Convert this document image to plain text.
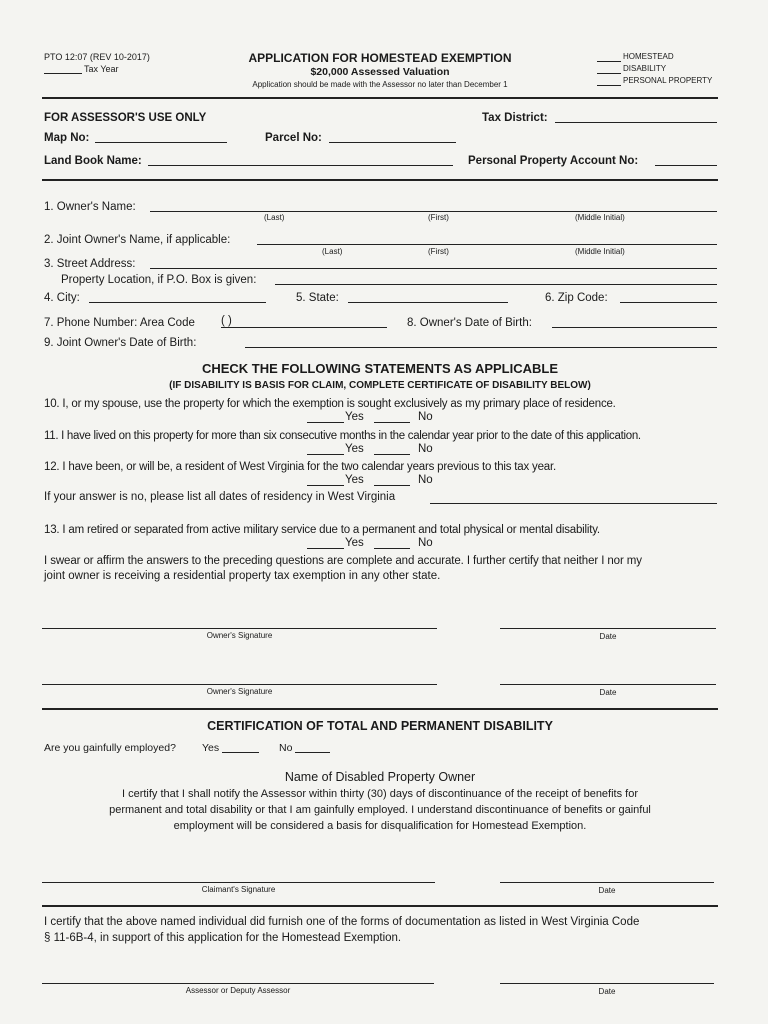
PTO 12:07 (REV 10-2017)
Tax Year
APPLICATION FOR HOMESTEAD EXEMPTION
$20,000 Assessed Valuation
Application should be made with the Assessor no later than December 1
HOMESTEAD
DISABILITY
PERSONAL PROPERTY
FOR ASSESSOR'S USE ONLY	Tax District:
Map No:	Parcel No:
Land Book Name:	Personal Property Account No:
1. Owner's Name:
(Last)	(First)	(Middle Initial)
2. Joint Owner's Name, if applicable:
(Last)	(First)	(Middle Initial)
3. Street Address:
Property Location, if P.O. Box is given:
4. City:	5. State:	6. Zip Code:
7. Phone Number: Area Code ( )	8. Owner's Date of Birth:
9. Joint Owner's Date of Birth:
CHECK THE FOLLOWING STATEMENTS AS APPLICABLE
(IF DISABILITY IS BASIS FOR CLAIM, COMPLETE CERTIFICATE OF DISABILITY BELOW)
10. I, or my spouse, use the property for which the exemption is sought exclusively as my primary place of residence.
Yes	No
11. I have lived on this property for more than six consecutive months in the calendar year prior to the date of this application.
Yes	No
12. I have been, or will be, a resident of West Virginia for the two calendar years previous to this tax year.
Yes	No
If your answer is no, please list all dates of residency in West Virginia
13. I am retired or separated from active military service due to a permanent and total physical or mental disability.
Yes	No
I swear or affirm the answers to the preceding questions are complete and accurate. I further certify that neither I nor my
joint owner is receiving a residential property tax exemption in any other state.
Owner's Signature	Date
Owner's Signature	Date
CERTIFICATION OF TOTAL AND PERMANENT DISABILITY
Are you gainfully employed? Yes	No
Name of Disabled Property Owner
I certify that I shall notify the Assessor within thirty (30) days of discontinuance of the receipt of benefits for
permanent and total disability or that I am gainfully employed. I understand discontinuance of benefits or gainful
employment will be considered a basis for disqualification for Homestead Exemption.
Claimant's Signature	Date
I certify that the above named individual did furnish one of the forms of documentation as listed in West Virginia Code
§ 11-6B-4, in support of this application for the Homestead Exemption.
Assessor or Deputy Assessor	Date
